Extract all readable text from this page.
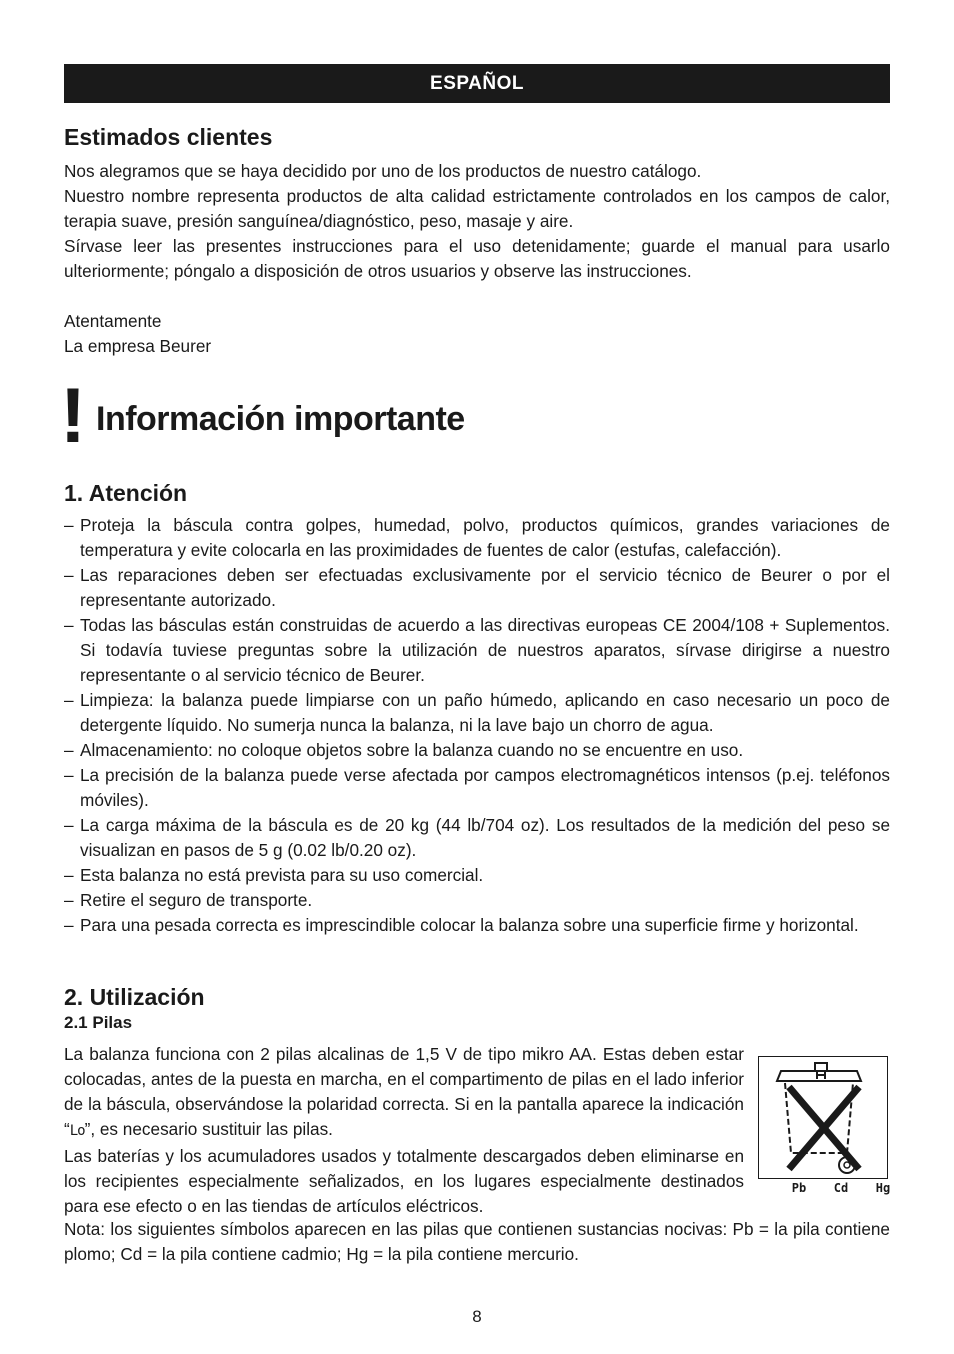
ESPAÑOL
Estimados clientes

Nos alegramos que se haya decidido por uno de los productos de nuestro catálogo.

Nuestro nombre representa productos de alta calidad estrictamente controlados en los campos de calor, terapia suave, presión sanguínea/diagnóstico, peso, masaje y aire.

Sírvase leer las presentes instrucciones para el uso detenidamente; guarde el manual para usarlo ulteriormente; póngalo a disposición de otros usuarios y observe las instrucciones.

Atentamente

La empresa Beurer

! Información importante
1. Atención
– Proteja la báscula contra golpes, humedad, polvo, productos químicos, grandes variaciones de temperatura y evite colocarla en las proximidades de fuentes de calor (estufas, calefacción).
– Las reparaciones deben ser efectuadas exclusivamente por el servicio técnico de Beurer o por el representante autorizado.
– Todas las básculas están construidas de acuerdo a las directivas europeas CE 2004/108 + Suplementos. Si todavía tuviese preguntas sobre la utilización de nuestros aparatos, sírvase dirigirse a nuestro representante o al servicio técnico de Beurer.
– Limpieza: la balanza puede limpiarse con un paño húmedo, aplicando en caso necesario un poco de detergente líquido. No sumerja nunca la balanza, ni la lave bajo un chorro de agua.
– Almacenamiento: no coloque objetos sobre la balanza cuando no se encuentre en uso.
– La precisión de la balanza puede verse afectada por campos electromagnéticos intensos (p.ej. teléfonos móviles).
– La carga máxima de la báscula es de 20 kg (44 lb/704 oz). Los resultados de la medición del peso se visualizan en pasos de 5 g (0.02 lb/0.20 oz).
– Esta balanza no está prevista para su uso comercial.
– Retire el seguro de transporte.
– Para una pesada correcta es imprescindible colocar la balanza sobre una superficie firme y horizontal.
2. Utilización
2.1 Pilas

La balanza funciona con 2 pilas alcalinas de 1,5 V de tipo mikro AA. Estas deben estar colocadas, antes de la puesta en marcha, en el compartimento de pilas en el lado inferior de la báscula, observándose la polaridad correcta. Si en la pantalla aparece la indicación “Lo”, es necesario sustituir las pilas.

Las baterías y los acumuladores usados y totalmente descargados deben eliminarse en los recipientes especialmente señalizados, en los lugares especialmente destinados para ese efecto o en las tiendas de artículos eléctricos.

Nota: los siguientes símbolos aparecen en las pilas que contienen sustancias nocivas: Pb = la pila contiene plomo; Cd = la pila contiene cadmio; Hg = la pila contiene mercurio.

8
Pb Cd Hg
